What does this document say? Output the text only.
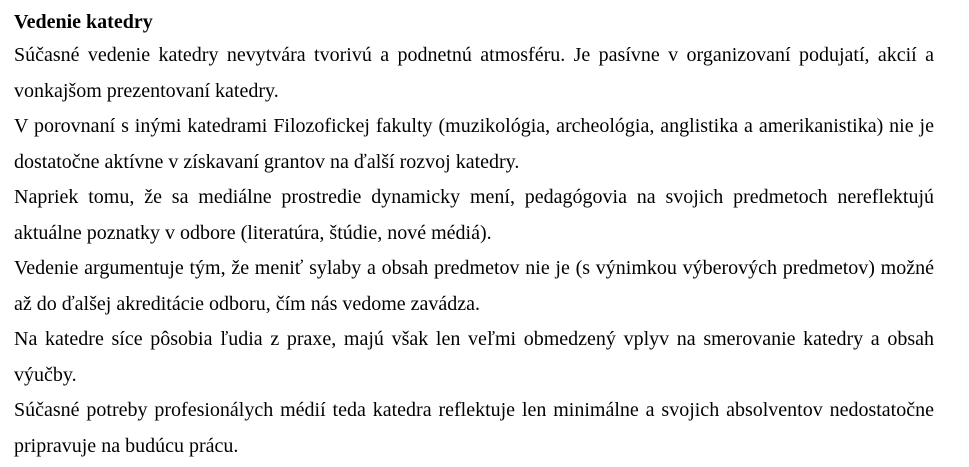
Vedenie katedry

Súčasné vedenie katedry nevytvára tvorivú a podnetnú atmosféru. Je pasívne v organizovaní podujatí, akcií a vonkajšom prezentovaní katedry.

V porovnaní s inými katedrami Filozofickej fakulty (muzikológia, archeológia, anglistika a amerikanistika) nie je dostatočne aktívne v získavaní grantov na ďalší rozvoj katedry.

Napriek tomu, že sa mediálne prostredie dynamicky mení, pedagógovia na svojich predmetoch nereflektujú aktuálne poznatky v odbore (literatúra, štúdie, nové médiá).

Vedenie argumentuje tým, že meniť sylaby a obsah predmetov nie je (s výnimkou výberových predmetov) možné až do ďalšej akreditácie odboru, čím nás vedome zavádza.

Na katedre síce pôsobia ľudia z praxe, majú však len veľmi obmedzený vplyv na smerovanie katedry a obsah výučby.

Súčasné potreby profesionálych médií teda katedra reflektuje len minimálne a svojich absolventov nedostatočne pripravuje na budúcu prácu.
